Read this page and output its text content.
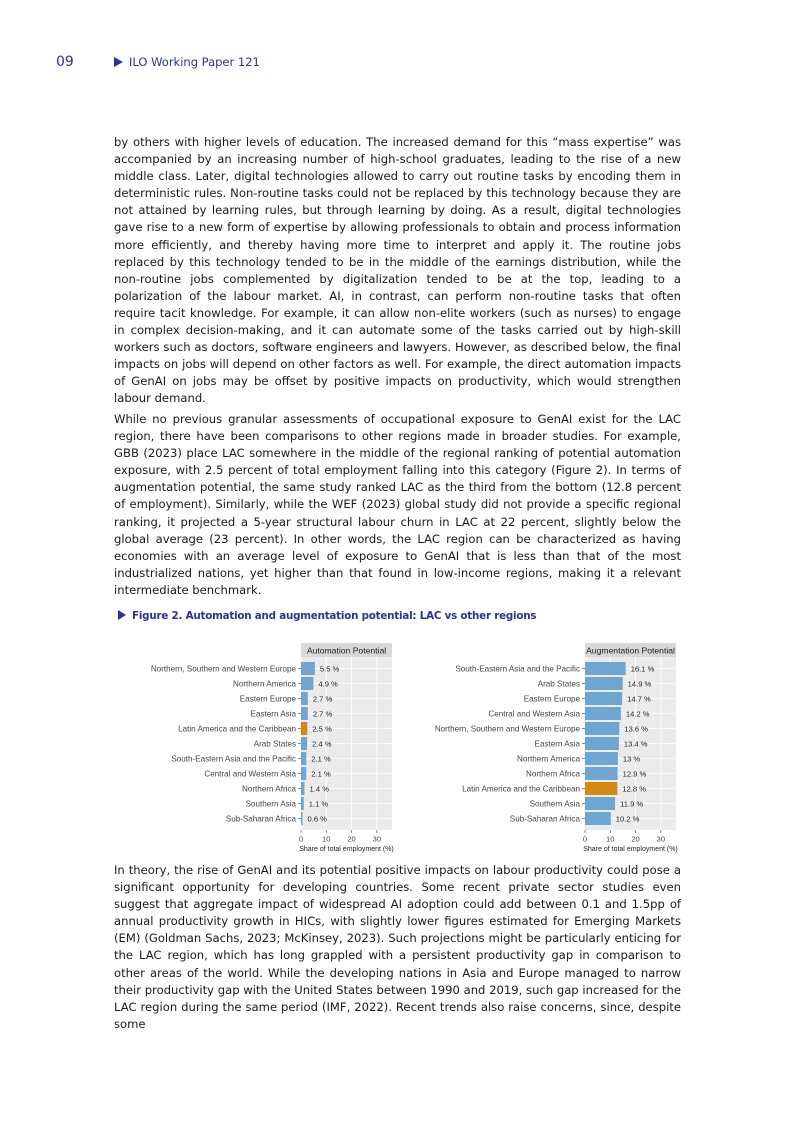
09	ILO Working Paper 121

by others with higher levels of education. The increased demand for this “mass expertise” was accompanied by an increasing number of high-school graduates, leading to the rise of a new middle class. Later, digital technologies allowed to carry out routine tasks by encoding them in deterministic rules. Non-routine tasks could not be replaced by this technology because they are not attained by learning rules, but through learning by doing. As a result, digital technologies gave rise to a new form of expertise by allowing professionals to obtain and process information more efficiently, and thereby having more time to interpret and apply it. The routine jobs replaced by this technology tended to be in the middle of the earnings distribution, while the non-routine jobs complemented by digitalization tended to be at the top, leading to a polarization of the labour market. AI, in contrast, can perform non-routine tasks that often require tacit knowledge. For example, it can allow non-elite workers (such as nurses) to engage in complex decision-making, and it can automate some of the tasks carried out by high-skill workers such as doctors, software engineers and lawyers. However, as described below, the final impacts on jobs will depend on other factors as well. For example, the direct automation impacts of GenAI on jobs may be offset by positive impacts on productivity, which would strengthen labour demand.

While no previous granular assessments of occupational exposure to GenAI exist for the LAC region, there have been comparisons to other regions made in broader studies. For example, GBB (2023) place LAC somewhere in the middle of the regional ranking of potential automation exposure, with 2.5 percent of total employment falling into this category (Figure 2). In terms of augmentation potential, the same study ranked LAC as the third from the bottom (12.8 percent of employment). Similarly, while the WEF (2023) global study did not provide a specific regional ranking, it projected a 5-year structural labour churn in LAC at 22 percent, slightly below the global average (23 percent). In other words, the LAC region can be characterized as having economies with an average level of exposure to GenAI that is less than that of the most industrialized nations, yet higher than that found in low-income regions, making it a relevant intermediate benchmark.

Figure 2. Automation and augmentation potential: LAC vs other regions
Automation Potential
5.5 %
Northern, Southern and Western Europe
4.9 %
Northern America
2.7 %
Eastern Europe
2.7 %
Eastern Asia
2.5 %
Latin America and the Caribbean
2.4 %
Arab States
2.1 %
South-Eastern Asia and the Pacific
2.1 %
Central and Western Asia
1.4 %
Northern Africa
1.1 %
Southern Asia
0.6 %
Sub-Saharan Africa
0 10 20 30
Share of total employment (%)
Augmentation Potential
16.1 %
South-Eastern Asia and the Pacific
14.9 %
Arab States
14.7 %
Eastern Europe
14.2 %
Central and Western Asia
13.6 %
Northern, Southern and Western Europe
13.4 %
Eastern Asia
13 %
Northern America
12.9 %
Northern Africa
12.8 %
Latin America and the Caribbean
11.9 %
Southern Asia
10.2 %
Sub-Saharan Africa
0 10 20 30
Share of total employment (%)

In theory, the rise of GenAI and its potential positive impacts on labour productivity could pose a significant opportunity for developing countries. Some recent private sector studies even suggest that aggregate impact of widespread AI adoption could add between 0.1 and 1.5pp of annual productivity growth in HICs, with slightly lower figures estimated for Emerging Markets (EM) (Goldman Sachs, 2023; McKinsey, 2023). Such projections might be particularly enticing for the LAC region, which has long grappled with a persistent productivity gap in comparison to other areas of the world. While the developing nations in Asia and Europe managed to narrow their productivity gap with the United States between 1990 and 2019, such gap increased for the LAC region during the same period (IMF, 2022). Recent trends also raise concerns, since, despite some
